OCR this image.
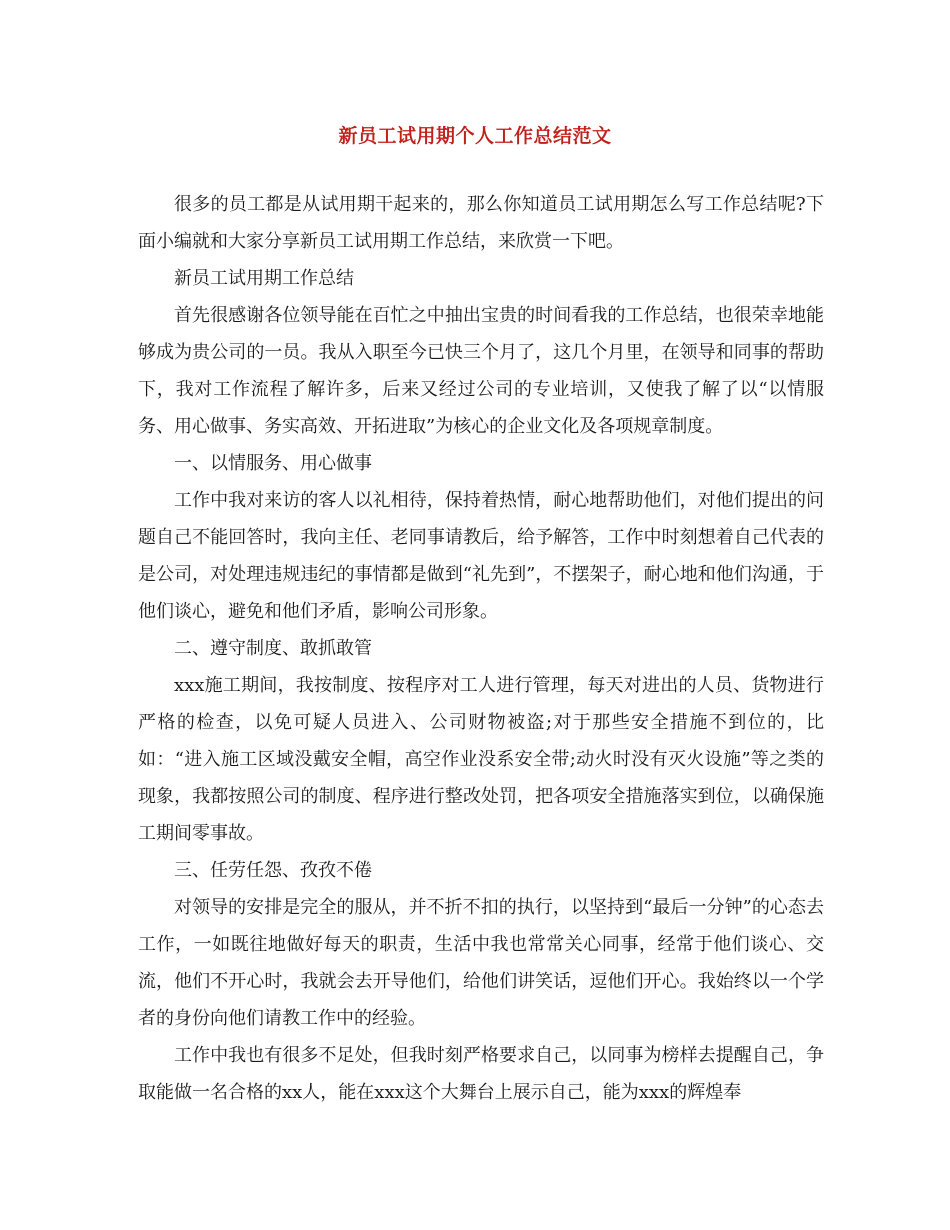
新员工试用期个人工作总结范文

很多的员工都是从试用期干起来的，那么你知道员工试用期怎么写工作总结呢?下面小编就和大家分享新员工试用期工作总结，来欣赏一下吧。

新员工试用期工作总结

首先很感谢各位领导能在百忙之中抽出宝贵的时间看我的工作总结，也很荣幸地能够成为贵公司的一员。我从入职至今已快三个月了，这几个月里，在领导和同事的帮助下，我对工作流程了解许多，后来又经过公司的专业培训，又使我了解了以“以情服务、用心做事、务实高效、开拓进取”为核心的企业文化及各项规章制度。

一、以情服务、用心做事

工作中我对来访的客人以礼相待，保持着热情，耐心地帮助他们，对他们提出的问题自己不能回答时，我向主任、老同事请教后，给予解答，工作中时刻想着自己代表的是公司，对处理违规违纪的事情都是做到“礼先到”，不摆架子，耐心地和他们沟通，于他们谈心，避免和他们矛盾，影响公司形象。

二、遵守制度、敢抓敢管

xxx施工期间，我按制度、按程序对工人进行管理，每天对进出的人员、货物进行严格的检查，以免可疑人员进入、公司财物被盗;对于那些安全措施不到位的，比如：“进入施工区域没戴安全帽，高空作业没系安全带;动火时没有灭火设施”等之类的现象，我都按照公司的制度、程序进行整改处罚，把各项安全措施落实到位，以确保施工期间零事故。

三、任劳任怨、孜孜不倦

对领导的安排是完全的服从，并不折不扣的执行，以坚持到“最后一分钟”的心态去工作，一如既往地做好每天的职责，生活中我也常常关心同事，经常于他们谈心、交流，他们不开心时，我就会去开导他们，给他们讲笑话，逗他们开心。我始终以一个学者的身份向他们请教工作中的经验。

工作中我也有很多不足处，但我时刻严格要求自己，以同事为榜样去提醒自己，争取能做一名合格的xx人，能在xxx这个大舞台上展示自己，能为xxx的辉煌奉
